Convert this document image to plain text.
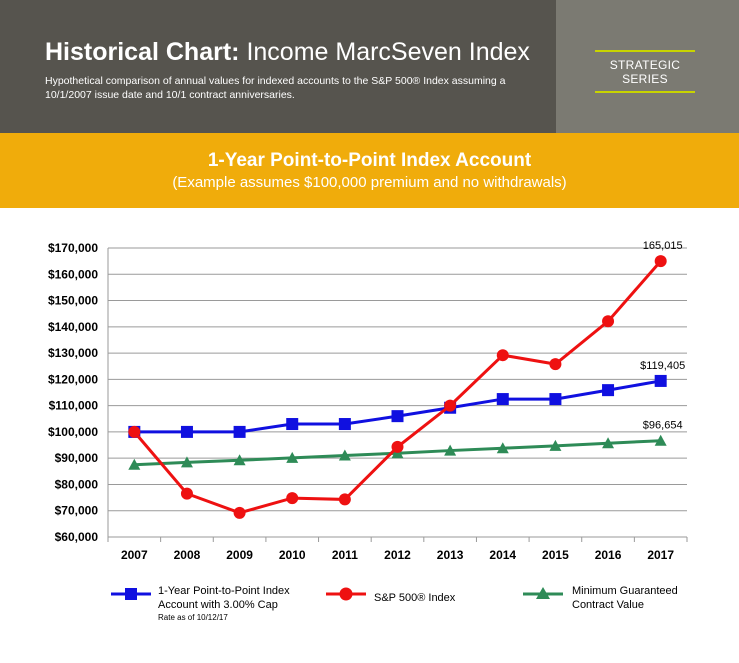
Historical Chart: Income MarcSeven Index
Hypothetical comparison of annual values for indexed accounts to the S&P 500® Index assuming a 10/1/2007 issue date and 10/1 contract anniversaries.
STRATEGIC SERIES
1-Year Point-to-Point Index Account
(Example assumes $100,000 premium and no withdrawals)
$60,000
$70,000
$80,000
$90,000
$100,000
$110,000
$120,000
$130,000
$140,000
$150,000
$160,000
$170,000
2007 2008 2009 2010 2011 2012 2013 2014 2015 2016 2017
165,015
$119,405
$96,654
1-Year Point-to-Point Index
Account with 3.00% Cap
Rate as of 10/12/17
S&P 500® Index
Minimum Guaranteed
Contract Value
